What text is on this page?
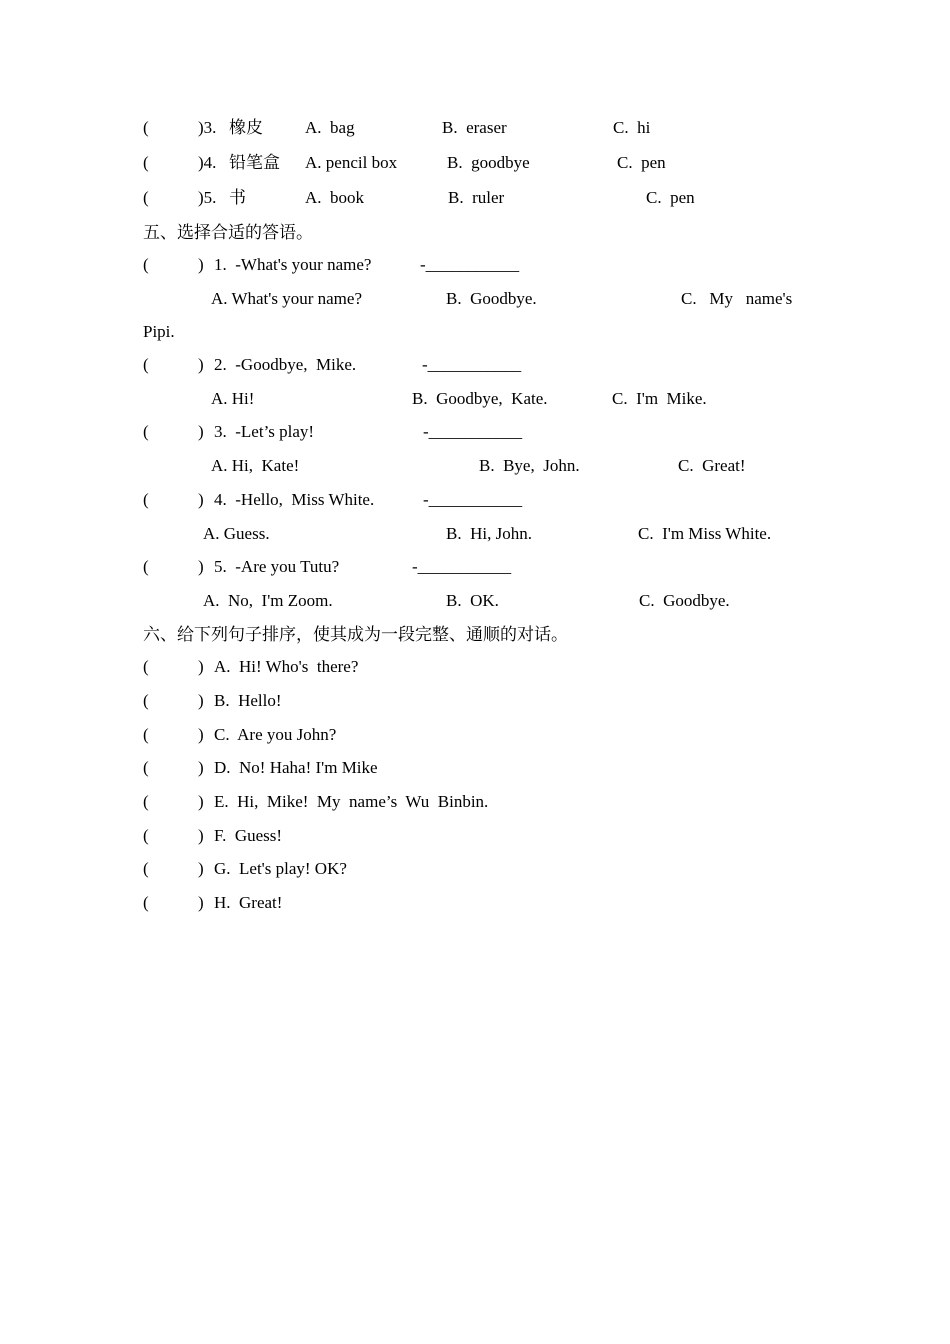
(	)3. 橡皮 A.  bag	B.  eraser	C.  hi
(	)4. 铅笔盒 A. pencil box	B.  goodbye	C.  pen
(	)5. 书	A.  book	B.  ruler	C.  pen
五、选择合适的答语。
(	) 1.  -What's your name?	-___________
A. What's your name?	B.  Goodbye.	C.   My   name's
Pipi.
(	) 2.  -Goodbye,  Mike.	-___________
A. Hi!	B.  Goodbye,  Kate.	C.  I'm  Mike.
(	) 3.  -Let’s play!	-___________
A. Hi,  Kate!	B.  Bye,  John.	C.  Great!
(	) 4.  -Hello,  Miss White.	-___________
A. Guess.	B.  Hi, John.	C.  I'm Miss White.
(	) 5.  -Are you Tutu?	-___________
A.  No,  I'm Zoom.	B.  OK.	C.  Goodbye.
六、给下列句子排序，使其成为一段完整、通顺的对话。
(	) A.  Hi! Who's  there?
(	) B.  Hello!
(	) C.  Are you John?
(	) D.  No! Haha! I'm Mike
(	) E.  Hi,  Mike!  My  name’s  Wu  Binbin.
(	) F.  Guess!
(	) G.  Let's play! OK?
(	) H.  Great!
